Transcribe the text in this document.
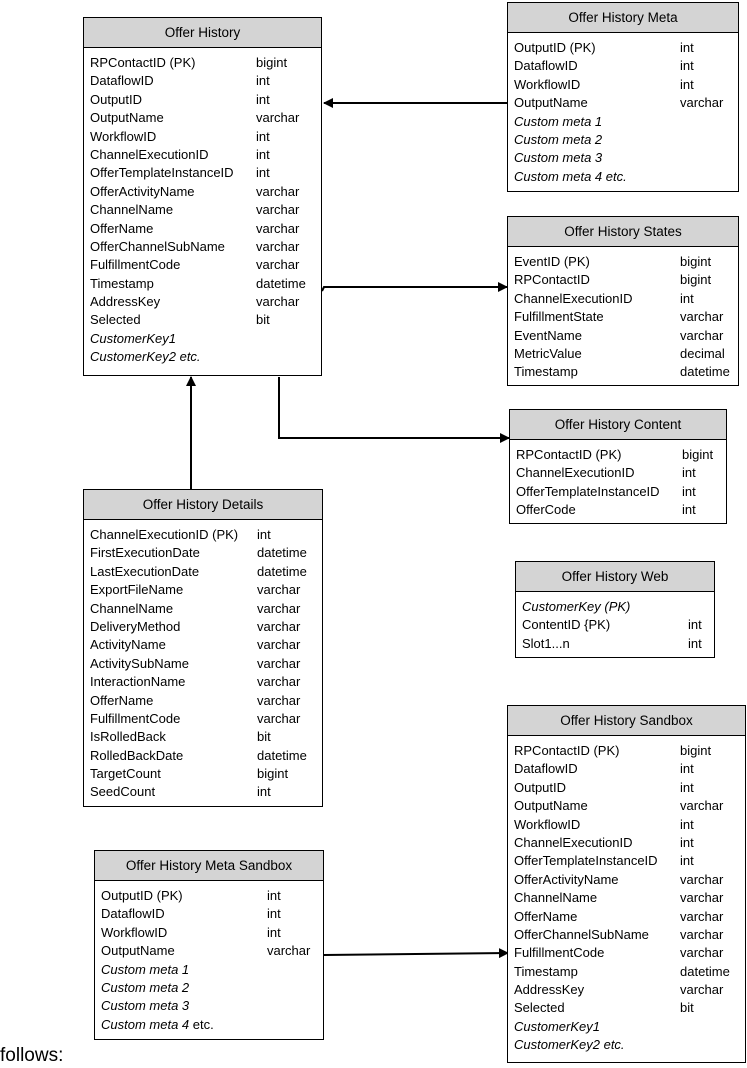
Offer History
RPContactID (PK)	bigint
DataflowID	int
OutputID	int
OutputName	varchar
WorkflowID	int
ChannelExecutionID	int
OfferTemplateInstanceID	int
OfferActivityName	varchar
ChannelName	varchar
OfferName	varchar
OfferChannelSubName	varchar
FulfillmentCode	varchar
Timestamp	datetime
AddressKey	varchar
Selected	bit
CustomerKey1
CustomerKey2 etc.
Offer History Meta
OutputID (PK)	int
DataflowID	int
WorkflowID	int
OutputName	varchar
Custom meta 1
Custom meta 2
Custom meta 3
Custom meta 4 etc.
Offer History States
EventID (PK)	bigint
RPContactID	bigint
ChannelExecutionID	int
FulfillmentState	varchar
EventName	varchar
MetricValue	decimal
Timestamp	datetime
Offer History Content
RPContactID (PK)	bigint
ChannelExecutionID	int
OfferTemplateInstanceID	int
OfferCode	int
Offer History Web
CustomerKey (PK)
ContentID {PK)	int
Slot1...n	int
Offer History Details
ChannelExecutionID (PK)	int
FirstExecutionDate	datetime
LastExecutionDate	datetime
ExportFileName	varchar
ChannelName	varchar
DeliveryMethod	varchar
ActivityName	varchar
ActivitySubName	varchar
InteractionName	varchar
OfferName	varchar
FulfillmentCode	varchar
IsRolledBack	bit
RolledBackDate	datetime
TargetCount	bigint
SeedCount	int
Offer History Sandbox
RPContactID (PK)	bigint
DataflowID	int
OutputID	int
OutputName	varchar
WorkflowID	int
ChannelExecutionID	int
OfferTemplateInstanceID	int
OfferActivityName	varchar
ChannelName	varchar
OfferName	varchar
OfferChannelSubName	varchar
FulfillmentCode	varchar
Timestamp	datetime
AddressKey	varchar
Selected	bit
CustomerKey1
CustomerKey2 etc.
Offer History Meta Sandbox
OutputID (PK)	int
DataflowID	int
WorkflowID	int
OutputName	varchar
Custom meta 1
Custom meta 2
Custom meta 3
Custom meta 4 etc.
follows:
